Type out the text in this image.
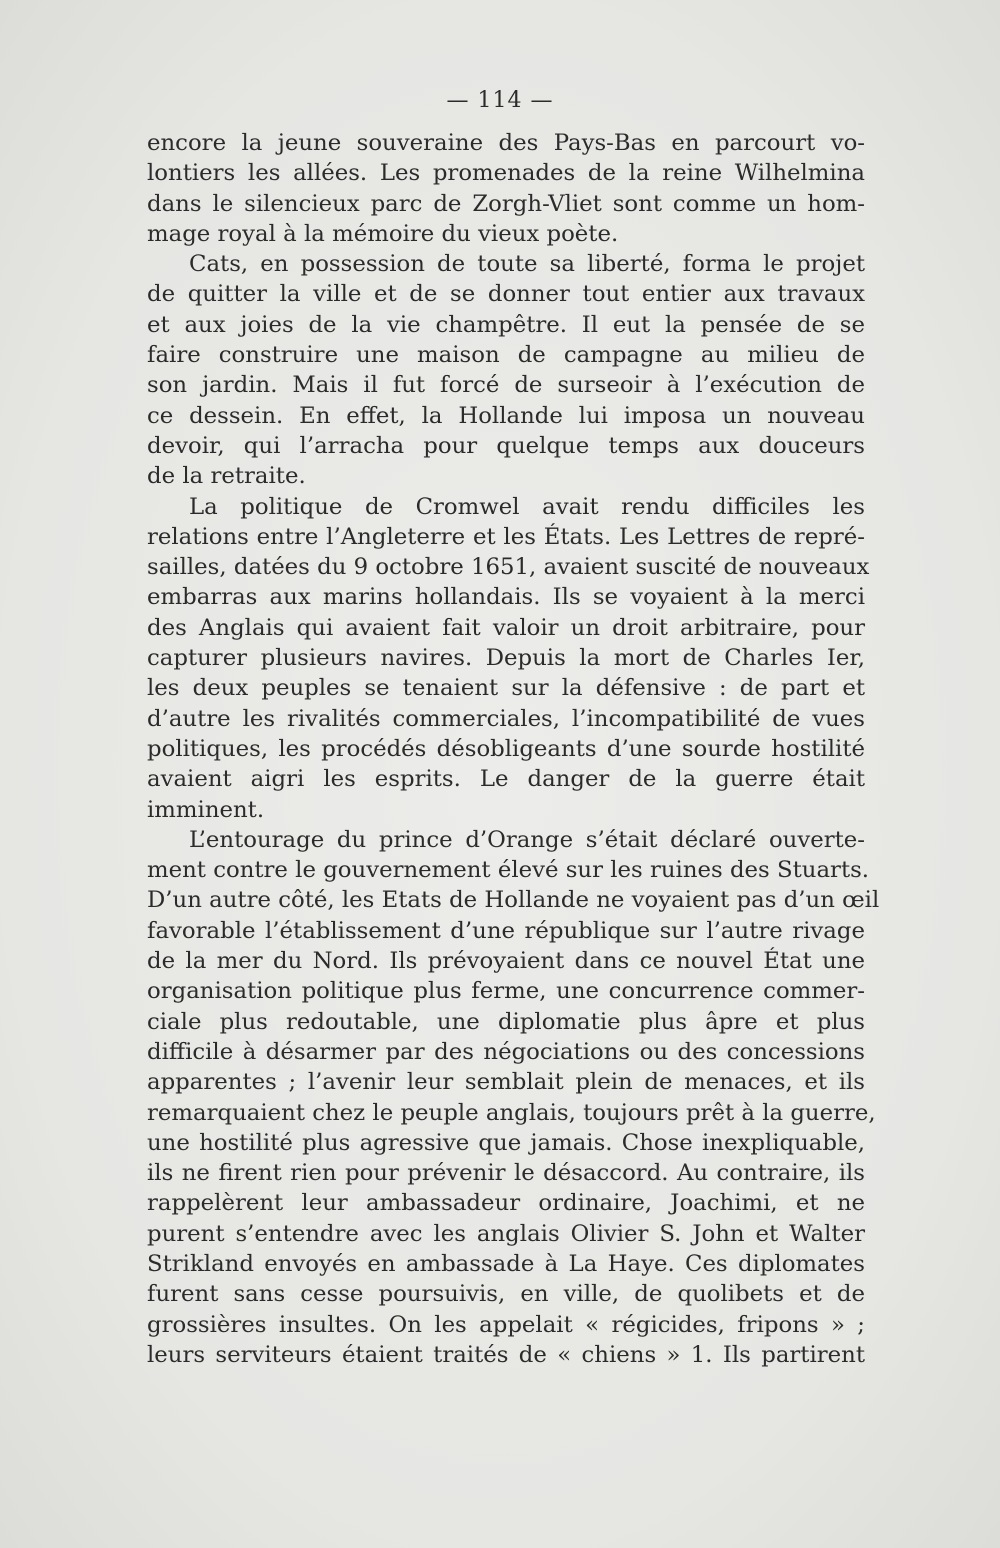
— 114 —
encore la jeune souveraine des Pays-Bas en parcourt vo-
lontiers les allées. Les promenades de la reine Wilhelmina
dans le silencieux parc de Zorgh-Vliet sont comme un hom-
mage royal à la mémoire du vieux poète.
Cats, en possession de toute sa liberté, forma le projet
de quitter la ville et de se donner tout entier aux travaux
et aux joies de la vie champêtre. Il eut la pensée de se
faire construire une maison de campagne au milieu de
son jardin. Mais il fut forcé de surseoir à l’exécution de
ce dessein. En effet, la Hollande lui imposa un nouveau
devoir, qui l’arracha pour quelque temps aux douceurs
de la retraite.
La politique de Cromwel avait rendu difficiles les
relations entre l’Angleterre et les États. Les Lettres de repré-
sailles, datées du 9 octobre 1651, avaient suscité de nouveaux
embarras aux marins hollandais. Ils se voyaient à la merci
des Anglais qui avaient fait valoir un droit arbitraire, pour
capturer plusieurs navires. Depuis la mort de Charles Ier,
les deux peuples se tenaient sur la défensive : de part et
d’autre les rivalités commerciales, l’incompatibilité de vues
politiques, les procédés désobligeants d’une sourde hostilité
avaient aigri les esprits. Le danger de la guerre était
imminent.
L’entourage du prince d’Orange s’était déclaré ouverte-
ment contre le gouvernement élevé sur les ruines des Stuarts.
D’un autre côté, les Etats de Hollande ne voyaient pas d’un œil
favorable l’établissement d’une république sur l’autre rivage
de la mer du Nord. Ils prévoyaient dans ce nouvel État une
organisation politique plus ferme, une concurrence commer-
ciale plus redoutable, une diplomatie plus âpre et plus
difficile à désarmer par des négociations ou des concessions
apparentes ; l’avenir leur semblait plein de menaces, et ils
remarquaient chez le peuple anglais, toujours prêt à la guerre,
une hostilité plus agressive que jamais. Chose inexpliquable,
ils ne firent rien pour prévenir le désaccord. Au contraire, ils
rappelèrent leur ambassadeur ordinaire, Joachimi, et ne
purent s’entendre avec les anglais Olivier S. John et Walter
Strikland envoyés en ambassade à La Haye. Ces diplomates
furent sans cesse poursuivis, en ville, de quolibets et de
grossières insultes. On les appelait « régicides, fripons » ;
leurs serviteurs étaient traités de « chiens » 1. Ils partirent
